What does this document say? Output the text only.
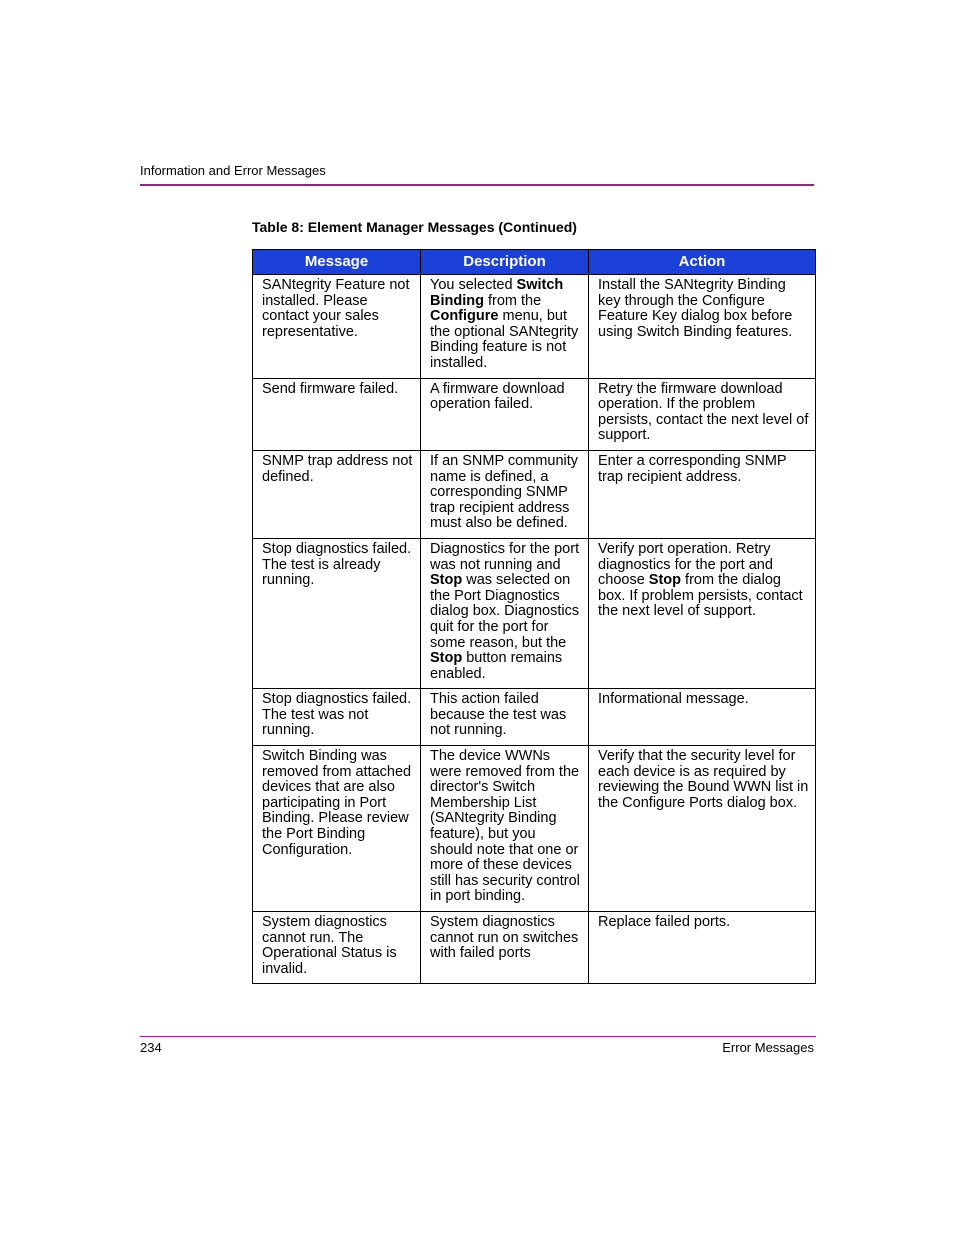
Information and Error Messages
Table 8: Element Manager Messages (Continued)
Message	Description	Action
SANtegrity Feature not installed. Please contact your sales representative.	You selected Switch Binding from the Configure menu, but the optional SANtegrity Binding feature is not installed.	Install the SANtegrity Binding key through the Configure Feature Key dialog box before using Switch Binding features.
Send firmware failed.	A firmware download operation failed.	Retry the firmware download operation. If the problem persists, contact the next level of support.
SNMP trap address not defined.	If an SNMP community name is defined, a corresponding SNMP trap recipient address must also be defined.	Enter a corresponding SNMP trap recipient address.
Stop diagnostics failed. The test is already running.	Diagnostics for the port was not running and Stop was selected on the Port Diagnostics dialog box. Diagnostics quit for the port for some reason, but the Stop button remains enabled.	Verify port operation. Retry diagnostics for the port and choose Stop from the dialog box. If problem persists, contact the next level of support.
Stop diagnostics failed. The test was not running.	This action failed because the test was not running.	Informational message.
Switch Binding was removed from attached devices that are also participating in Port Binding. Please review the Port Binding Configuration.	The device WWNs were removed from the director's Switch Membership List (SANtegrity Binding feature), but you should note that one or more of these devices still has security control in port binding.	Verify that the security level for each device is as required by reviewing the Bound WWN list in the Configure Ports dialog box.
System diagnostics cannot run. The Operational Status is invalid.	System diagnostics cannot run on switches with failed ports	Replace failed ports.
234	Error Messages
